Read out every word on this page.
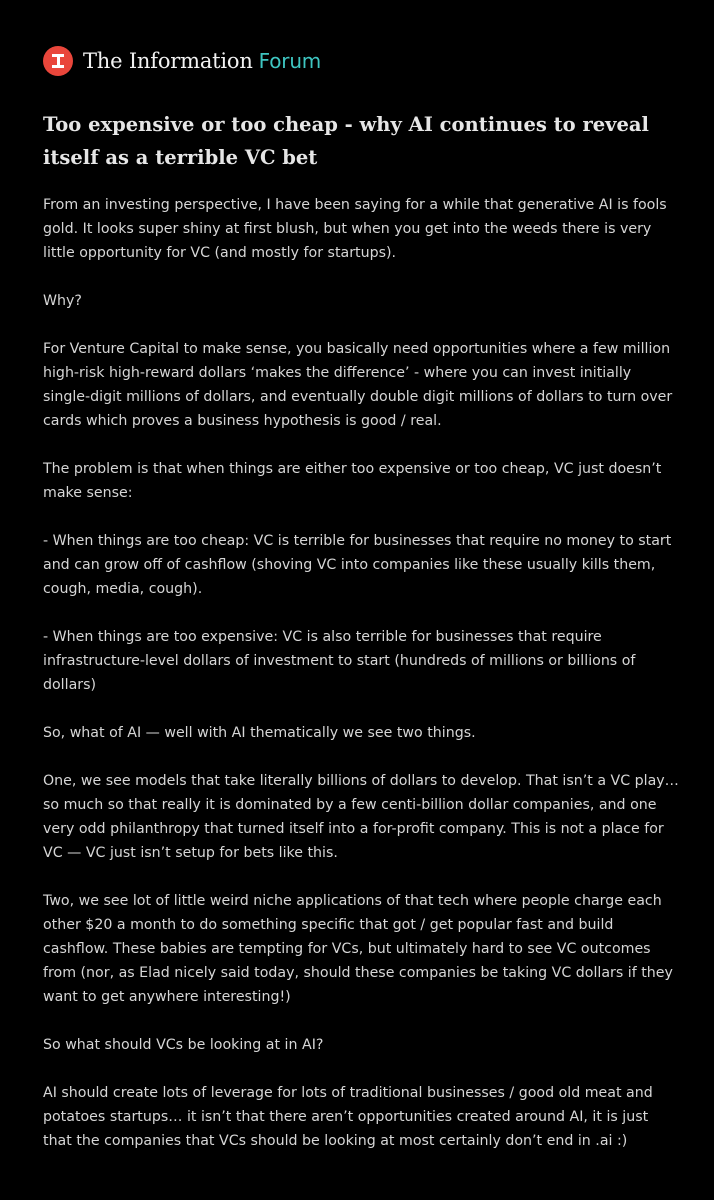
The Information Forum
Too expensive or too cheap - why AI continues to reveal itself as a terrible VC bet

From an investing perspective, I have been saying for a while that generative AI is fools gold. It looks super shiny at first blush, but when you get into the weeds there is very little opportunity for VC (and mostly for startups).

Why?

For Venture Capital to make sense, you basically need opportunities where a few million high-risk high-reward dollars ‘makes the difference’ - where you can invest initially single-digit millions of dollars, and eventually double digit millions of dollars to turn over cards which proves a business hypothesis is good / real.

The problem is that when things are either too expensive or too cheap, VC just doesn’t make sense:

- When things are too cheap: VC is terrible for businesses that require no money to start and can grow off of cashflow (shoving VC into companies like these usually kills them, cough, media, cough).

- When things are too expensive: VC is also terrible for businesses that require infrastructure-level dollars of investment to start (hundreds of millions or billions of dollars)

So, what of AI — well with AI thematically we see two things.

One, we see models that take literally billions of dollars to develop. That isn’t a VC play… so much so that really it is dominated by a few centi-billion dollar companies, and one very odd philanthropy that turned itself into a for-profit company. This is not a place for VC — VC just isn’t setup for bets like this.

Two, we see lot of little weird niche applications of that tech where people charge each other $20 a month to do something specific that got / get popular fast and build cashflow. These babies are tempting for VCs, but ultimately hard to see VC outcomes from (nor, as Elad nicely said today, should these companies be taking VC dollars if they want to get anywhere interesting!)

So what should VCs be looking at in AI?

AI should create lots of leverage for lots of traditional businesses / good old meat and potatoes startups… it isn’t that there aren’t opportunities created around AI, it is just that the companies that VCs should be looking at most certainly don’t end in .ai :)
